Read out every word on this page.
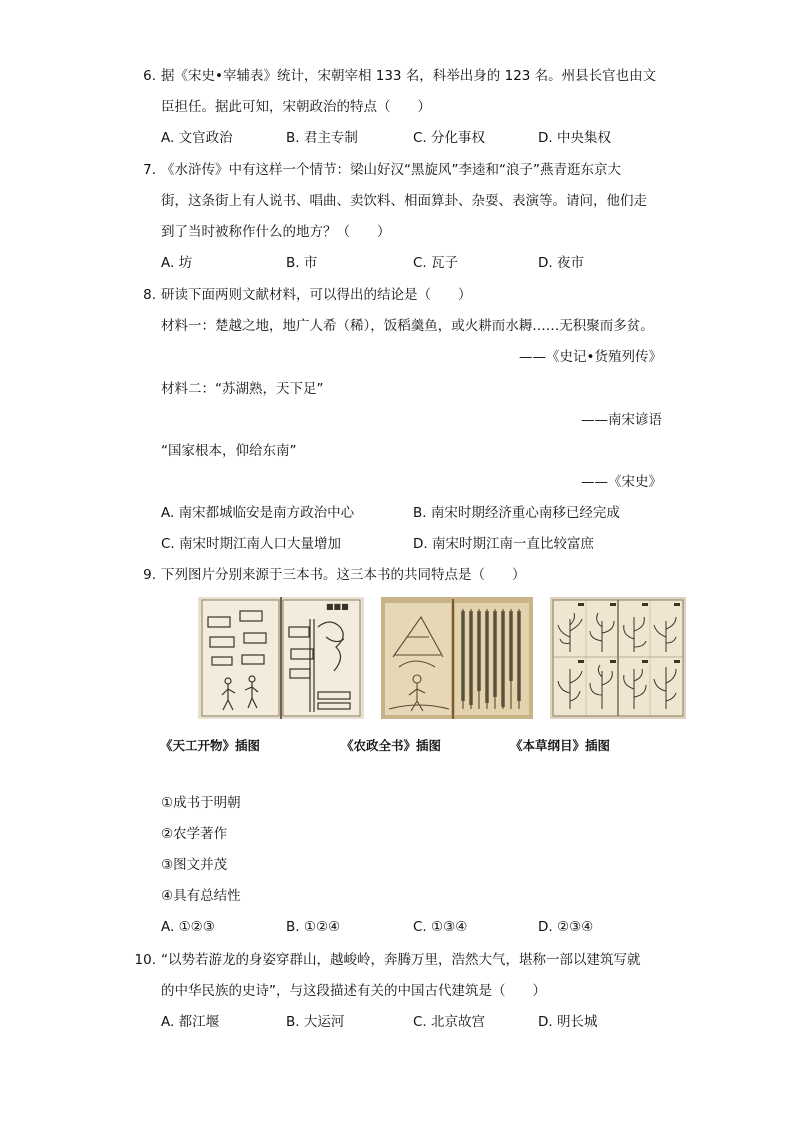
6. 据《宋史•宰辅表》统计，宋朝宰相 133 名，科举出身的 123 名。州县长官也由文
臣担任。据此可知，宋朝政治的特点（　　）
A. 文官政治	B. 君主专制	C. 分化事权	D. 中央集权
7. 《水浒传》中有这样一个情节：梁山好汉“黑旋风”李逵和“浪子”燕青逛东京大
街，这条街上有人说书、唱曲、卖饮料、相面算卦、杂耍、表演等。请问，他们走
到了当时被称作什么的地方？（　　）
A. 坊	B. 市	C. 瓦子	D. 夜市
8. 研读下面两则文献材料，可以得出的结论是（　　）
材料一：楚越之地，地广人希（稀），饭稻羹鱼，或火耕而水耨……无积聚而多贫。
——《史记•货殖列传》
材料二：“苏湖熟，天下足”
——南宋谚语
“国家根本，仰给东南”
——《宋史》
A. 南宋都城临安是南方政治中心	B. 南宋时期经济重心南移已经完成
C. 南宋时期江南人口大量增加	D. 南宋时期江南一直比较富庶
9. 下列图片分别来源于三本书。这三本书的共同特点是（　　）
■■■
《天工开物》插图	《农政全书》插图	《本草纲目》插图
①成书于明朝
②农学著作
③图文并茂
④具有总结性
A. ①②③	B. ①②④	C. ①③④	D. ②③④
10. “以势若游龙的身姿穿群山，越峻岭，奔腾万里，浩然大气，堪称一部以建筑写就
的中华民族的史诗”，与这段描述有关的中国古代建筑是（　　）
A. 都江堰	B. 大运河	C. 北京故宫	D. 明长城
